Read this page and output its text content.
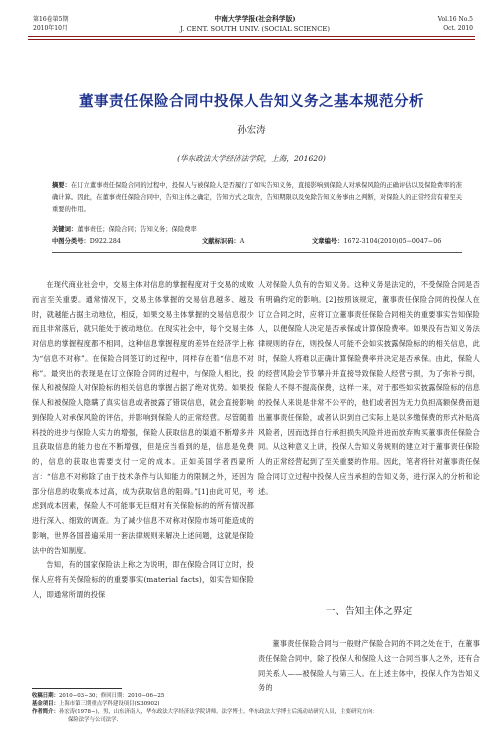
第16卷第5期
2010年10月
中南大学学报(社会科学版)
J. CENT. SOUTH UNIV. (SOCIAL SCIENCE)
Vol.16 No.5
Oct. 2010
董事责任保险合同中投保人告知义务之基本规范分析
孙宏涛
(华东政法大学经济法学院，上海，201620)
摘要：在订立董事责任保险合同的过程中，投保人与被保险人是否履行了如实告知义务，直接影响到保险人对承保风险的正确评估以及保险费率的准确计算。因此，在董事责任保险合同中，告知主体之确定，告知方式之取舍，告知期限以及免除告知义务事由之判断，对保险人的正常经营有着至关重要的作用。
关键词：董事责任；保险合同；告知义务；保险费率
中图分类号：D922.284	文献标识码：A	文章编号：1672-3104(2010)05−0047−06

在现代商业社会中，交易主体对信息的掌握程度对于交易的成败而言至关重要。通常情况下，交易主体掌握的交易信息越多、越及时，就越能占据主动地位，相反，如果交易主体掌握的交易信息很少而且非常落后，就只能处于被动地位。在现实社会中，每个交易主体对信息的掌握程度都不相同，这种信息掌握程度的差异在经济学上称为“信息不对称”。在保险合同签订的过程中，同样存在着“信息不对称”。最突出的表现是在订立保险合同的过程中，与保险人相比，投保人和被保险人对保险标的相关信息的掌握占据了绝对优势。如果投保人和被保险人隐瞒了真实信息或者披露了错误信息，就会直接影响到保险人对承保风险的评估，并影响到保险人的正常经营。尽管随着科技的进步与保险人实力的增强，保险人获取信息的渠道不断增多并且获取信息的能力也在不断增强，但是应当看到的是，信息是免费的，信息的获取也需要支付一定的成本。正如美国学者西蒙所言：“信息不对称除了由于技术条件与认知能力的限制之外，还因为部分信息的收集成本过高，成为获取信息的阻碍。”[1]由此可见，考虑到成本因素，保险人不可能事无巨细对有关保险标的的所有情况都进行深入、细致的调查。为了减少信息不对称对保险市场可能造成的影响，世界各国普遍采用一套法律规则来解决上述问题，这就是保险法中的告知制度。

告知，有的国家保险法上称之为说明，即在保险合同订立时，投保人应将有关保险标的的重要事实(material facts)，如实告知保险人，即通常所谓的投保

人对保险人负有的告知义务。这种义务是法定的，不受保险合同是否有明确约定的影响。[2]按照该规定，董事责任保险合同的投保人在订立合同之时，应将订立董事责任保险合同相关的重要事实告知保险人，以便保险人决定是否承保或计算保险费率。如果没有告知义务法律规则的存在，则投保人可能不会如实披露保险标的的相关信息，此时，保险人将难以正确计算保险费率并决定是否承保。由此，保险人的经营风险会节节攀升并直接导致保险人经营亏损，为了弥补亏损，保险人不得不提高保费，这样一来，对于那些如实披露保险标的信息的投保人来说是非常不公平的，他们或者因为无力负担高额保费而退出董事责任保险，或者认识到自己实际上是以多缴保费的形式补贴高风险者，因而选择自行承担损失风险并进而放弃购买董事责任保险合同。从这种意义上讲，投保人告知义务规则的建立对于董事责任保险人的正常经营起到了至关重要的作用。因此，笔者将针对董事责任保险合同订立过程中投保人应当承担的告知义务，进行深入的分析和论述。

一、告知主体之界定

董事责任保险合同与一般财产保险合同的不同之处在于，在董事责任保险合同中，除了投保人和保险人这一合同当事人之外，还有合同关系人——被保险人与第三人。在上述主体中，投保人作为告知义务的

收稿日期：2010−03−30；修回日期：2010−06−25
基金项目：上海市第三期重点学科建设项目(S30902)
作者简介：孙宏涛(1978−)，男，山东济南人，华东政法大学经济法学院讲师，法学博士，华东政法大学博士后流动站研究人员，主要研究方向：
保险法学与公司法学.
